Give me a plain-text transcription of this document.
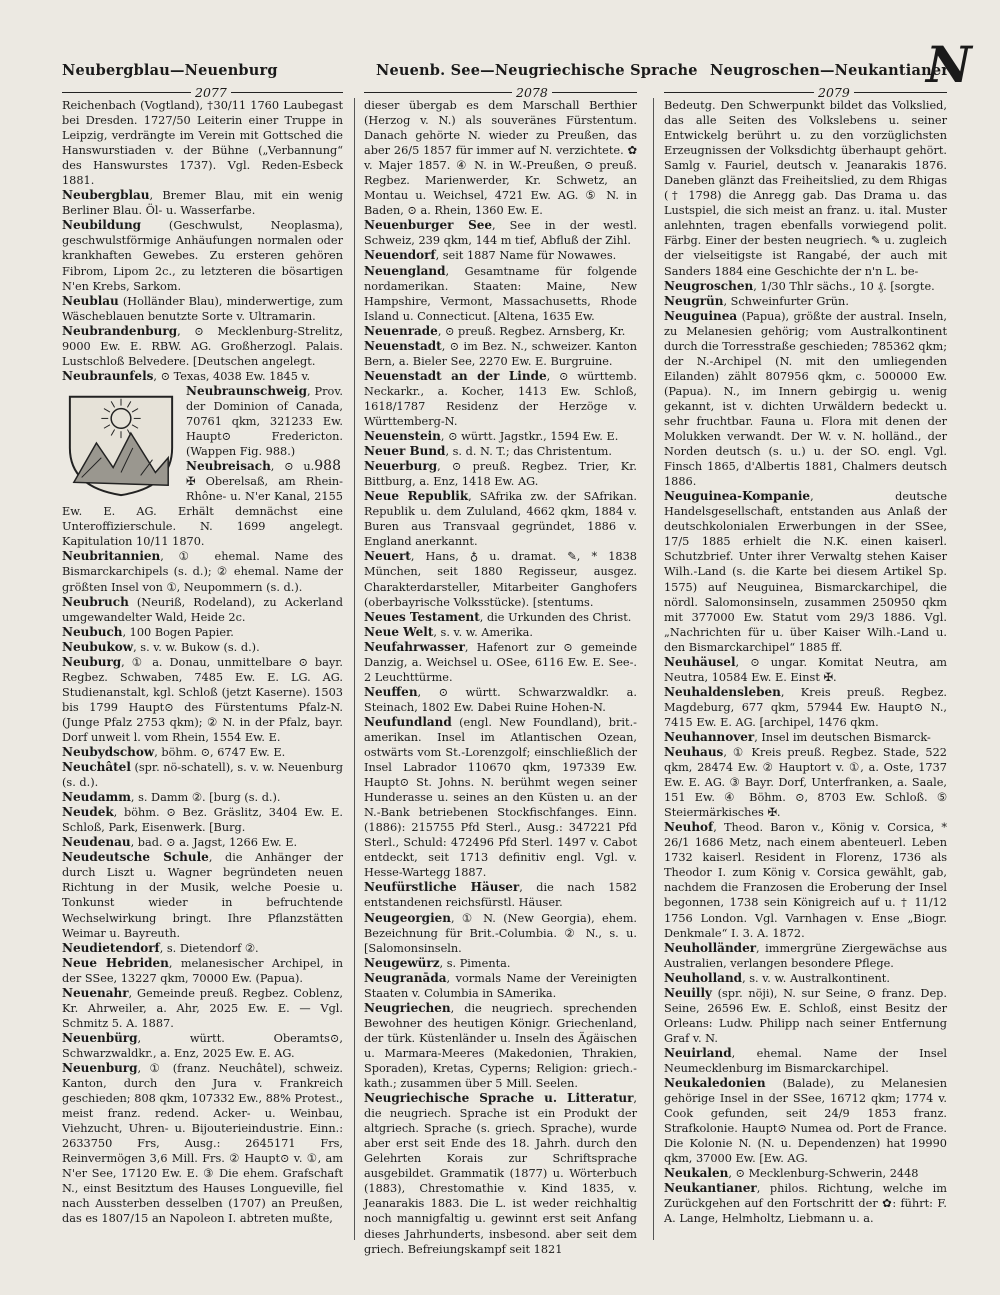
Neubergblau—Neuenburg	Neuenb. See—Neugriechische Sprache Neugroschen—Neukantianer
N
2077	2078	2079

Reichenbach (Vogtland), †30/11 1760 Laubegast bei Dresden. 1727/50 Leiterin einer Truppe in Leipzig, verdrängte im Verein mit Gottsched die Hanswurstiaden v. der Bühne („Verbannung“ des Hanswurstes 1737). Vgl. Reden-Esbeck 1881.

Neubergblau, Bremer Blau, mit ein wenig Berliner Blau. Öl- u. Wasserfarbe.

Neubildung (Geschwulst, Neoplasma), geschwulstförmige Anhäufungen normalen oder krankhaften Gewebes. Zu ersteren gehören Fibrom, Lipom 2c., zu letzteren die bösartigen N'en Krebs, Sarkom.

Neublau (Holländer Blau), minderwertige, zum Wäscheblauen benutzte Sorte v. Ultramarin.

Neubrandenburg, ⊙ Mecklenburg-Strelitz, 9000 Ew. E. RBW. AG. Großherzogl. Palais. Lustschloß Belvedere. [Deutschen angelegt.

Neubraunfels, ⊙ Texas, 4038 Ew. 1845 v.

Neubraunschweig, Prov. der Dominion of Canada, 70761 qkm, 321233 Ew. Haupt⊙ Fredericton. (Wappen Fig. 988.)

988
Neubreisach, ⊙ u. ✠ Oberelsaß, am Rhein-Rhône- u. N'er Kanal, 2155 Ew. E. AG. Erhält demnächst eine Unteroffizierschule. N. 1699 angelegt. Kapitulation 10/11 1870.

Neubritannien, ① ehemal. Name des Bismarckarchipels (s. d.); ② ehemal. Name der größten Insel von ①, Neupommern (s. d.).

Neubruch (Neuriß, Rodeland), zu Ackerland umgewandelter Wald, Heide 2c.

Neubuch, 100 Bogen Papier.

Neubukow, s. v. w. Bukow (s. d.).

Neuburg, ① a. Donau, unmittelbare ⊙ bayr. Regbez. Schwaben, 7485 Ew. E. LG. AG. Studienanstalt, kgl. Schloß (jetzt Kaserne). 1503 bis 1799 Haupt⊙ des Fürstentums Pfalz-N. (Junge Pfalz 2753 qkm); ② N. in der Pfalz, bayr. Dorf unweit l. vom Rhein, 1554 Ew. E.

Neubydschow, böhm. ⊙, 6747 Ew. E.

Neuchâtel (spr. nö-schatell), s. v. w. Neuenburg (s. d.).

Neudamm, s. Damm ②. [burg (s. d.).

Neudek, böhm. ⊙ Bez. Gräslitz, 3404 Ew. E. Schloß, Park, Eisenwerk. [Burg.

Neudenau, bad. ⊙ a. Jagst, 1266 Ew. E.

Neudeutsche Schule, die Anhänger der durch Liszt u. Wagner begründeten neuen Richtung in der Musik, welche Poesie u. Tonkunst wieder in befruchtende Wechselwirkung bringt. Ihre Pflanzstätten Weimar u. Bayreuth.

Neudietendorf, s. Dietendorf ②.

Neue Hebriden, melanesischer Archipel, in der SSee, 13227 qkm, 70000 Ew. (Papua).

Neuenahr, Gemeinde preuß. Regbez. Coblenz, Kr. Ahrweiler, a. Ahr, 2025 Ew. E. — Vgl. Schmitz 5. A. 1887.

Neuenbürg, württ. Oberamts⊙, Schwarzwaldkr., a. Enz, 2025 Ew. E. AG.

Neuenburg, ① (franz. Neuchâtel), schweiz. Kanton, durch den Jura v. Frankreich geschieden; 808 qkm, 107332 Ew., 88% Protest., meist franz. redend. Acker- u. Weinbau, Viehzucht, Uhren- u. Bijouterieindustrie. Einn.: 2633750 Frs, Ausg.: 2645171 Frs, Reinvermögen 3,6 Mill. Frs. ② Haupt⊙ v. ①, am N'er See, 17120 Ew. E. ③ Die ehem. Grafschaft N., einst Besitztum des Hauses Longueville, fiel nach Aussterben desselben (1707) an Preußen, das es 1807/15 an Napoleon I. abtreten mußte,

dieser übergab es dem Marschall Berthier (Herzog v. N.) als souveränes Fürstentum. Danach gehörte N. wieder zu Preußen, das aber 26/5 1857 für immer auf N. verzichtete. ✿ v. Majer 1857. ④ N. in W.-Preußen, ⊙ preuß. Regbez. Marienwerder, Kr. Schwetz, an Montau u. Weichsel, 4721 Ew. AG. ⑤ N. in Baden, ⊙ a. Rhein, 1360 Ew. E.

Neuenburger See, See in der westl. Schweiz, 239 qkm, 144 m tief, Abfluß der Zihl.

Neuendorf, seit 1887 Name für Nowawes.

Neuengland, Gesamtname für folgende nordamerikan. Staaten: Maine, New Hampshire, Vermont, Massachusetts, Rhode Island u. Connecticut. [Altena, 1635 Ew.

Neuenrade, ⊙ preuß. Regbez. Arnsberg, Kr.

Neuenstadt, ⊙ im Bez. N., schweizer. Kanton Bern, a. Bieler See, 2270 Ew. E. Burgruine.

Neuenstadt an der Linde, ⊙ württemb. Neckarkr., a. Kocher, 1413 Ew. Schloß, 1618/1787 Residenz der Herzöge v. Württemberg-N.

Neuenstein, ⊙ württ. Jagstkr., 1594 Ew. E.

Neuer Bund, s. d. N. T.; das Christentum.

Neuerburg, ⊙ preuß. Regbez. Trier, Kr. Bittburg, a. Enz, 1418 Ew. AG.

Neue Republik, SAfrika zw. der SAfrikan. Republik u. dem Zululand, 4662 qkm, 1884 v. Buren aus Transvaal gegründet, 1886 v. England anerkannt.

Neuert, Hans, ♁ u. dramat. ✎, * 1838 München, seit 1880 Regisseur, ausgez. Charakterdarsteller, Mitarbeiter Ganghofers (oberbayrische Volksstücke). [stentums.

Neues Testament, die Urkunden des Christ.

Neue Welt, s. v. w. Amerika.

Neufahrwasser, Hafenort zur ⊙ gemeinde Danzig, a. Weichsel u. OSee, 6116 Ew. E. See-. 2 Leuchttürme.

Neuffen, ⊙ württ. Schwarzwaldkr. a. Steinach, 1802 Ew. Dabei Ruine Hohen-N.

Neufundland (engl. New Foundland), brit.-amerikan. Insel im Atlantischen Ozean, ostwärts vom St.-Lorenzgolf; einschließlich der Insel Labrador 110670 qkm, 197339 Ew. Haupt⊙ St. Johns. N. berühmt wegen seiner Hunderasse u. seines an den Küsten u. an der N.-Bank betriebenen Stockfischfanges. Einn. (1886): 215755 Pfd Sterl., Ausg.: 347221 Pfd Sterl., Schuld: 472496 Pfd Sterl. 1497 v. Cabot entdeckt, seit 1713 definitiv engl. Vgl. v. Hesse-Wartegg 1887.

Neufürstliche Häuser, die nach 1582 entstandenen reichsfürstl. Häuser.

Neugeorgien, ① N. (New Georgia), ehem. Bezeichnung für Brit.-Columbia. ② N., s. u. [Salomonsinseln.

Neugewürz, s. Pimenta.

Neugranāda, vormals Name der Vereinigten Staaten v. Columbia in SAmerika.

Neugriechen, die neugriech. sprechenden Bewohner des heutigen Königr. Griechenland, der türk. Küstenländer u. Inseln des Ägäischen u. Marmara-Meeres (Makedonien, Thrakien, Sporaden), Kretas, Cyperns; Religion: griech.-kath.; zusammen über 5 Mill. Seelen.

Neugriechische Sprache u. Litteratur, die neugriech. Sprache ist ein Produkt der altgriech. Sprache (s. griech. Sprache), wurde aber erst seit Ende des 18. Jahrh. durch den Gelehrten Korais zur Schriftsprache ausgebildet. Grammatik (1877) u. Wörterbuch (1883), Chrestomathie v. Kind 1835, v. Jeanarakis 1883. Die L. ist weder reichhaltig noch mannigfaltig u. gewinnt erst seit Anfang dieses Jahrhunderts, insbesond. aber seit dem griech. Befreiungskampf seit 1821

Bedeutg. Den Schwerpunkt bildet das Volkslied, das alle Seiten des Volkslebens u. seiner Entwickelg berührt u. zu den vorzüglichsten Erzeugnissen der Volksdichtg überhaupt gehört. Samlg v. Fauriel, deutsch v. Jeanarakis 1876. Daneben glänzt das Freiheitslied, zu dem Rhigas († 1798) die Anregg gab. Das Drama u. das Lustspiel, die sich meist an franz. u. ital. Muster anlehnten, tragen ebenfalls vorwiegend polit. Färbg. Einer der besten neugriech. ✎ u. zugleich der vielseitigste ist Rangabé, der auch mit Sanders 1884 eine Geschichte der n'n L. be-

Neugroschen, 1/30 Thlr sächs., 10 ₰. [sorgte.

Neugrün, Schweinfurter Grün.

Neuguinea (Papua), größte der austral. Inseln, zu Melanesien gehörig; vom Australkontinent durch die Torresstraße geschieden; 785362 qkm; der N.-Archipel (N. mit den umliegenden Eilanden) zählt 807956 qkm, c. 500000 Ew. (Papua). N., im Innern gebirgig u. wenig gekannt, ist v. dichten Urwäldern bedeckt u. sehr fruchtbar. Fauna u. Flora mit denen der Molukken verwandt. Der W. v. N. holländ., der Norden deutsch (s. u.) u. der SO. engl. Vgl. Finsch 1865, d'Albertis 1881, Chalmers deutsch 1886.

Neuguinea-Kompanie, deutsche Handelsgesellschaft, entstanden aus Anlaß der deutschkolonialen Erwerbungen in der SSee, 17/5 1885 erhielt die N.K. einen kaiserl. Schutzbrief. Unter ihrer Verwaltg stehen Kaiser Wilh.-Land (s. die Karte bei diesem Artikel Sp. 1575) auf Neuguinea, Bismarckarchipel, die nördl. Salomonsinseln, zusammen 250950 qkm mit 377000 Ew. Statut vom 29/3 1886. Vgl. „Nachrichten für u. über Kaiser Wilh.-Land u. den Bismarckarchipel“ 1885 ff.

Neuhäusel, ⊙ ungar. Komitat Neutra, am Neutra, 10584 Ew. E. Einst ✠.

Neuhaldensleben, Kreis preuß. Regbez. Magdeburg, 677 qkm, 57944 Ew. Haupt⊙ N., 7415 Ew. E. AG. [archipel, 1476 qkm.

Neuhannover, Insel im deutschen Bismarck-

Neuhaus, ① Kreis preuß. Regbez. Stade, 522 qkm, 28474 Ew. ② Hauptort v. ①, a. Oste, 1737 Ew. E. AG. ③ Bayr. Dorf, Unterfranken, a. Saale, 151 Ew. ④ Böhm. ⊙, 8703 Ew. Schloß. ⑤ Steiermärkisches ✠.

Neuhof, Theod. Baron v., König v. Corsica, * 26/1 1686 Metz, nach einem abenteuerl. Leben 1732 kaiserl. Resident in Florenz, 1736 als Theodor I. zum König v. Corsica gewählt, gab, nachdem die Franzosen die Eroberung der Insel begonnen, 1738 sein Königreich auf u. † 11/12 1756 London. Vgl. Varnhagen v. Ense „Biogr. Denkmale“ I. 3. A. 1872.

Neuholländer, immergrüne Ziergewächse aus Australien, verlangen besondere Pflege.

Neuholland, s. v. w. Australkontinent.

Neuilly (spr. nöji), N. sur Seine, ⊙ franz. Dep. Seine, 26596 Ew. E. Schloß, einst Besitz der Orleans: Ludw. Philipp nach seiner Entfernung Graf v. N.

Neuirland, ehemal. Name der Insel Neumecklenburg im Bismarckarchipel.

Neukaledonien (Balade), zu Melanesien gehörige Insel in der SSee, 16712 qkm; 1774 v. Cook gefunden, seit 24/9 1853 franz. Strafkolonie. Haupt⊙ Numea od. Port de France. Die Kolonie N. (N. u. Dependenzen) hat 19990 qkm, 37000 Ew. [Ew. AG.

Neukalen, ⊙ Mecklenburg-Schwerin, 2448

Neukantianer, philos. Richtung, welche im Zurückgehen auf den Fortschritt der ✿: führt: F. A. Lange, Helmholtz, Liebmann u. a.
